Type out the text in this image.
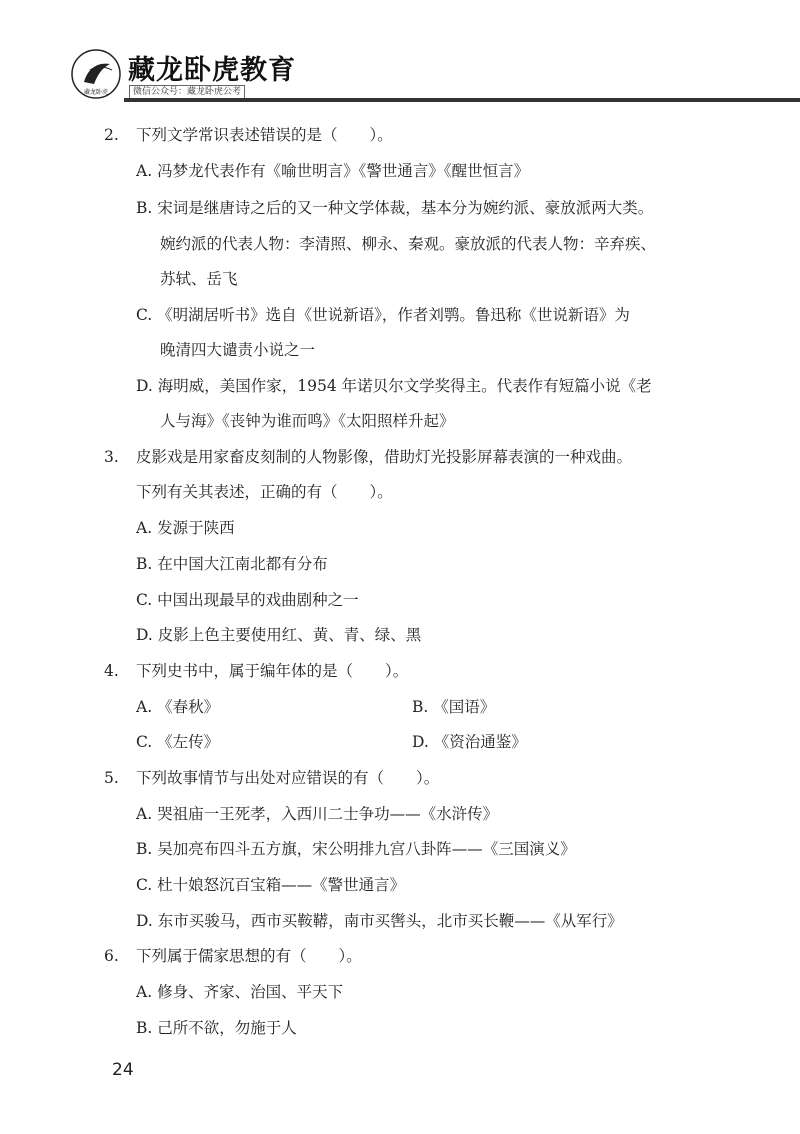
藏龙卧虎
藏龙卧虎教育
微信公众号：藏龙卧虎公考
2. 下列文学常识表述错误的是（ ）。
A. 冯梦龙代表作有《喻世明言》《警世通言》《醒世恒言》
B. 宋词是继唐诗之后的又一种文学体裁，基本分为婉约派、豪放派两大类。
婉约派的代表人物：李清照、柳永、秦观。豪放派的代表人物：辛弃疾、
苏轼、岳飞
C. 《明湖居听书》选自《世说新语》，作者刘鹗。鲁迅称《世说新语》为
晚清四大谴责小说之一
D. 海明威，美国作家，1954 年诺贝尔文学奖得主。代表作有短篇小说《老
人与海》《丧钟为谁而鸣》《太阳照样升起》
3. 皮影戏是用家畜皮刻制的人物影像，借助灯光投影屏幕表演的一种戏曲。
下列有关其表述，正确的有（ ）。
A. 发源于陕西
B. 在中国大江南北都有分布
C. 中国出现最早的戏曲剧种之一
D. 皮影上色主要使用红、黄、青、绿、黑
4. 下列史书中，属于编年体的是（ ）。
A. 《春秋》	B. 《国语》
C. 《左传》	D. 《资治通鉴》
5. 下列故事情节与出处对应错误的有（ ）。
A. 哭祖庙一王死孝，入西川二士争功——《水浒传》
B. 吴加亮布四斗五方旗，宋公明排九宫八卦阵——《三国演义》
C. 杜十娘怒沉百宝箱——《警世通言》
D. 东市买骏马，西市买鞍鞯，南市买辔头，北市买长鞭——《从军行》
6. 下列属于儒家思想的有（ ）。
A. 修身、齐家、治国、平天下
B. 己所不欲，勿施于人
24
